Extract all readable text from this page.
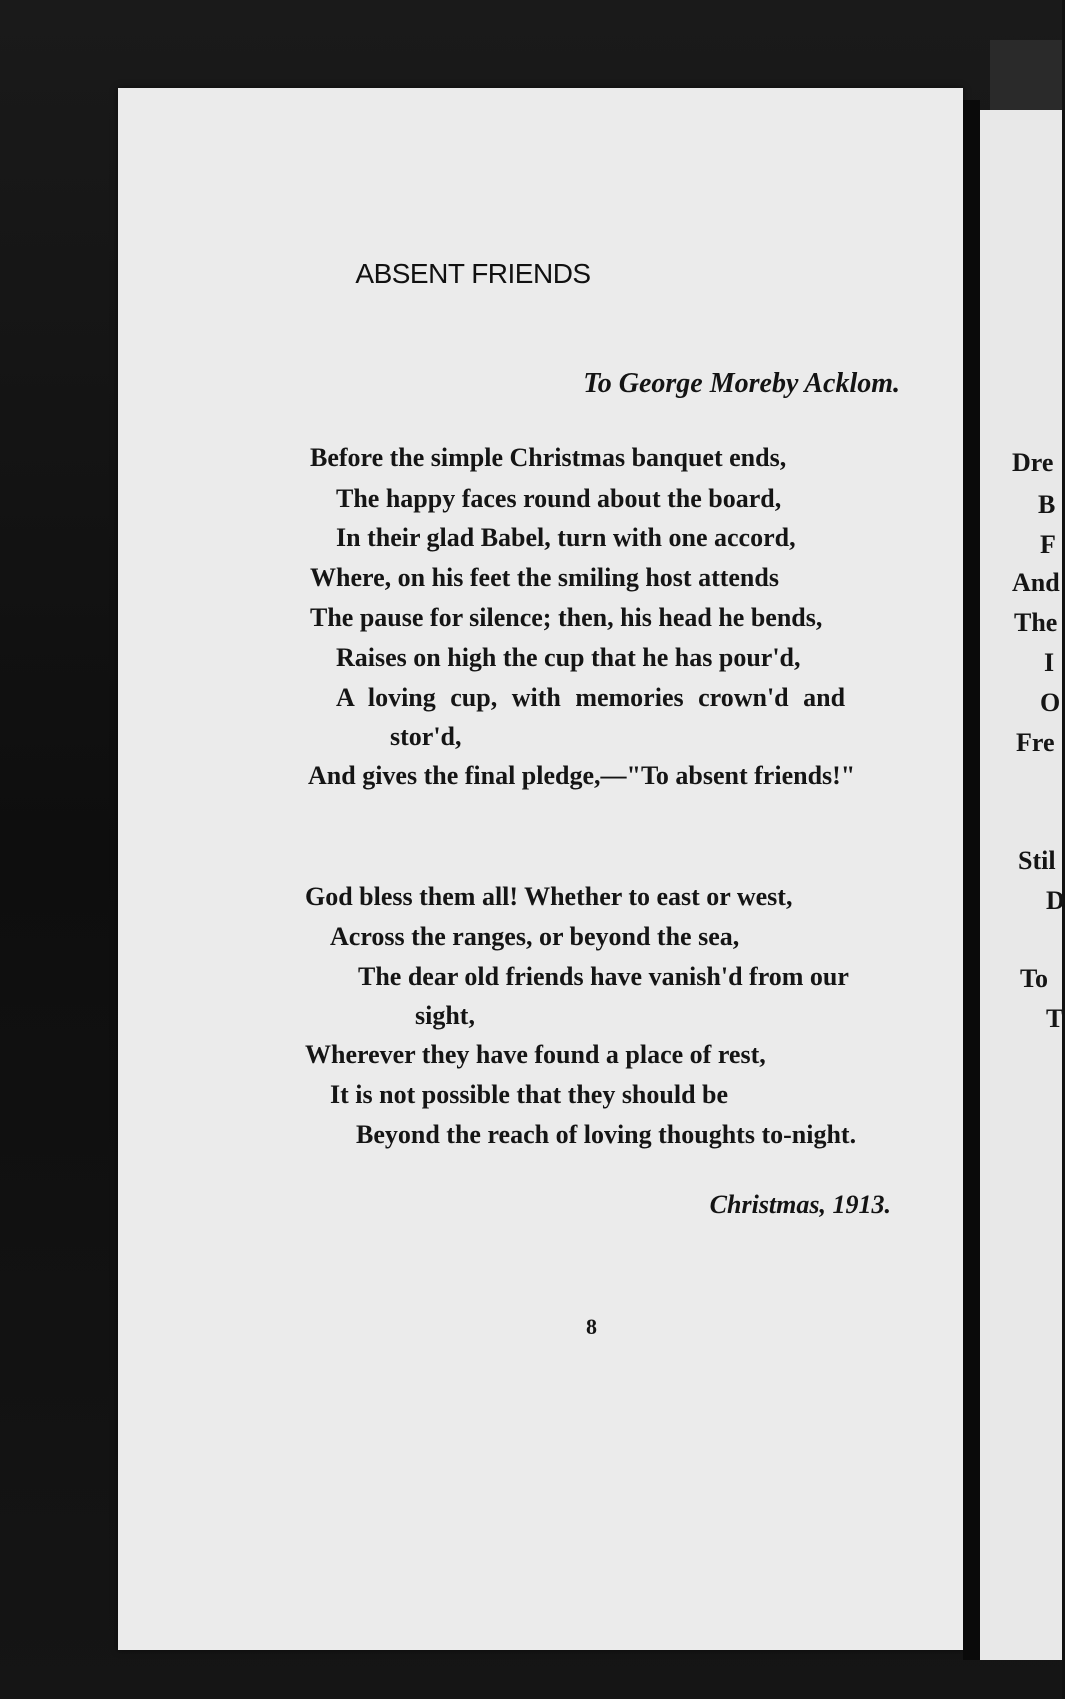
ABSENT FRIENDS
To George Moreby Acklom.
Before the simple Christmas banquet ends,
The happy faces round about the board,
In their glad Babel, turn with one accord,
Where, on his feet the smiling host attends
The pause for silence; then, his head he bends,
Raises on high the cup that he has pour'd,
A loving cup, with memories crown'd and
stor'd,
And gives the final pledge,—"To absent friends!"
God bless them all! Whether to east or west,
Across the ranges, or beyond the sea,
The dear old friends have vanish'd from our
sight,
Wherever they have found a place of rest,
It is not possible that they should be
Beyond the reach of loving thoughts to-night.
Christmas, 1913.
8
Dre
B
F
And
The
I
O
Fre
Stil
D
To
T
